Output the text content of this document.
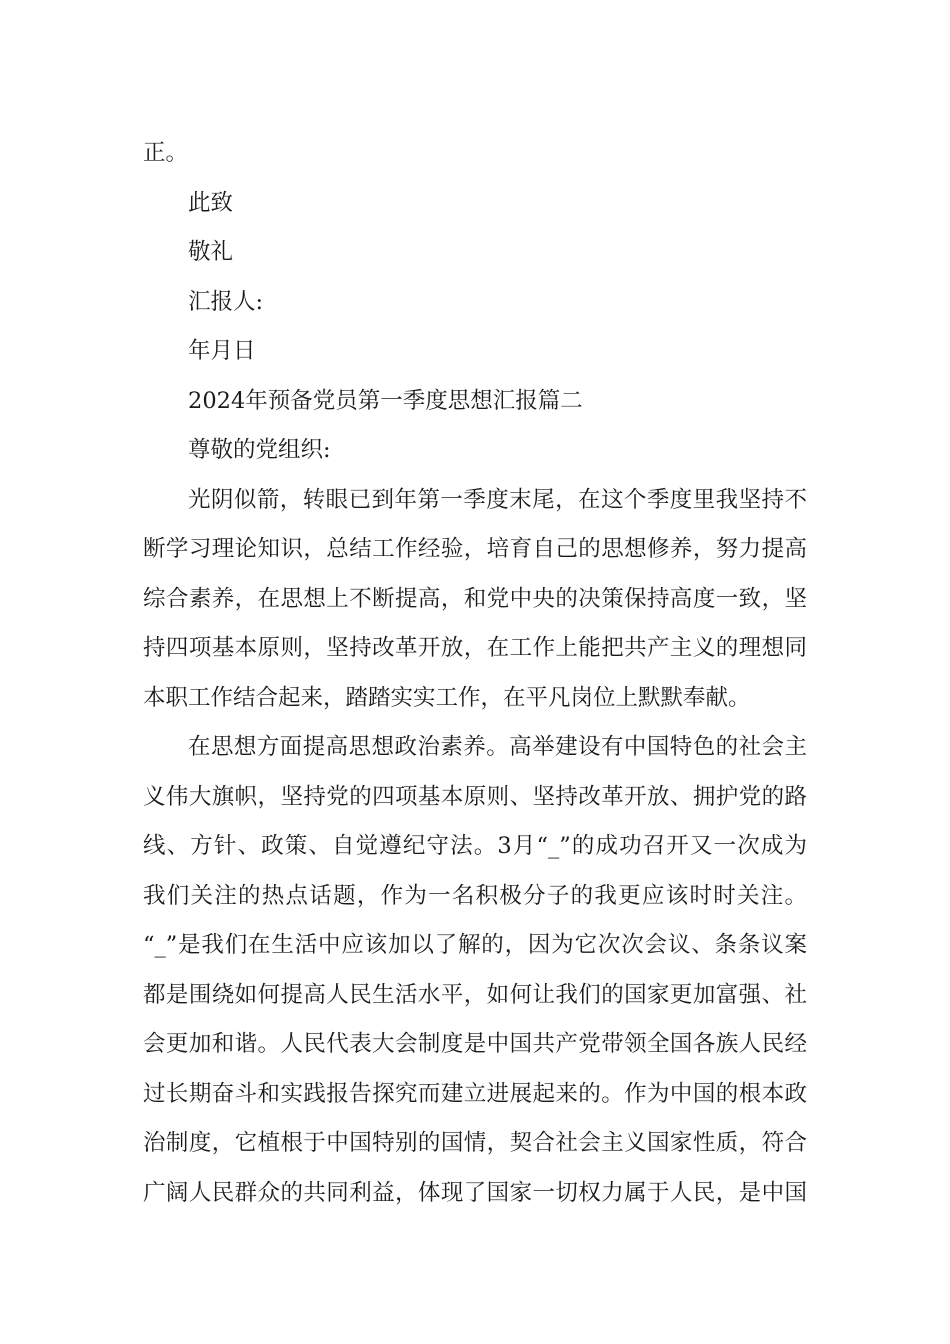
正。
此致
敬礼
汇报人:
年月日
2024年预备党员第一季度思想汇报篇二
尊敬的党组织:
光阴似箭，转眼已到年第一季度末尾，在这个季度里我坚持不
断学习理论知识，总结工作经验，培育自己的思想修养，努力提高
综合素养，在思想上不断提高，和党中央的决策保持高度一致，坚
持四项基本原则，坚持改革开放，在工作上能把共产主义的理想同
本职工作结合起来，踏踏实实工作，在平凡岗位上默默奉献。
在思想方面提高思想政治素养。高举建设有中国特色的社会主
义伟大旗帜，坚持党的四项基本原则、坚持改革开放、拥护党的路
线、方针、政策、自觉遵纪守法。3月“_”的成功召开又一次成为
我们关注的热点话题，作为一名积极分子的我更应该时时关注。
“_”是我们在生活中应该加以了解的，因为它次次会议、条条议案
都是围绕如何提高人民生活水平，如何让我们的国家更加富强、社
会更加和谐。人民代表大会制度是中国共产党带领全国各族人民经
过长期奋斗和实践报告探究而建立进展起来的。作为中国的根本政
治制度，它植根于中国特别的国情，契合社会主义国家性质，符合
广阔人民群众的共同利益，体现了国家一切权力属于人民，是中国
